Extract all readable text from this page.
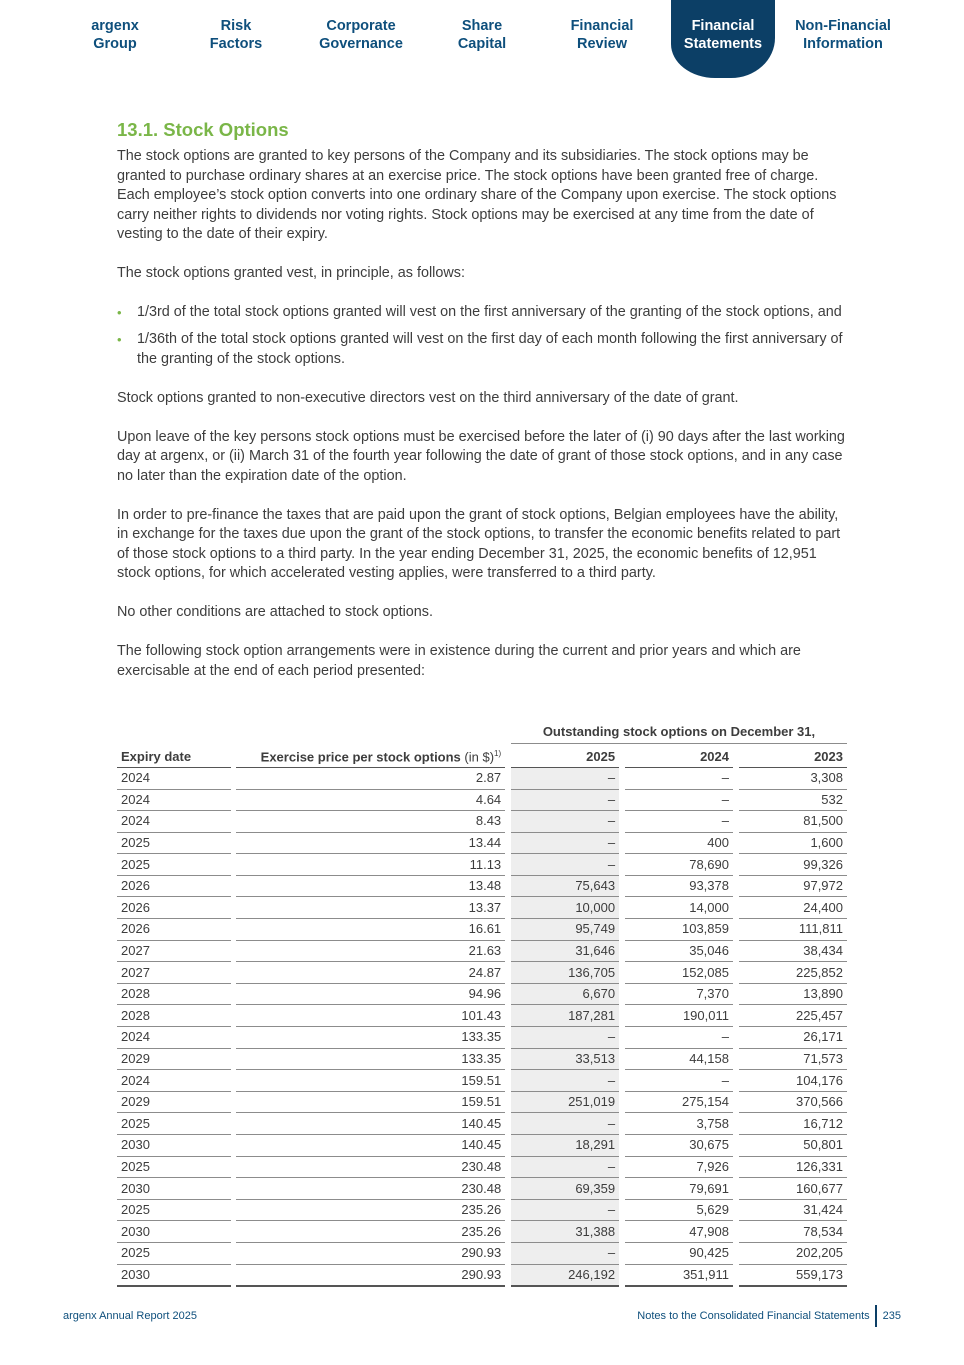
argenx
Group
Risk
Factors
Corporate
Governance
Share
Capital
Financial
Review
Financial
Statements
Non-Financial
Information
13.1. Stock Options

The stock options are granted to key persons of the Company and its subsidiaries. The stock options may be granted to purchase ordinary shares at an exercise price. The stock options have been granted free of charge. Each employee’s stock option converts into one ordinary share of the Company upon exercise. The stock options carry neither rights to dividends nor voting rights. Stock options may be exercised at any time from the date of vesting to the date of their expiry.

The stock options granted vest, in principle, as follows:

• 1/3rd of the total stock options granted will vest on the first anniversary of the granting of the stock options, and
• 1/36th of the total stock options granted will vest on the first day of each month following the first anniversary of the granting of the stock options.

Stock options granted to non-executive directors vest on the third anniversary of the date of grant.

Upon leave of the key persons stock options must be exercised before the later of (i) 90 days after the last working day at argenx, or (ii) March 31 of the fourth year following the date of grant of those stock options, and in any case no later than the expiration date of the option.

In order to pre-finance the taxes that are paid upon the grant of stock options, Belgian employees have the ability, in exchange for the taxes due upon the grant of the stock options, to transfer the economic benefits related to part of those stock options to a third party. In the year ending December 31, 2025, the economic benefits of 12,951 stock options, for which accelerated vesting applies, were transferred to a third party.

No other conditions are attached to stock options.

The following stock option arrangements were in existence during the current and prior years and which are exercisable at the end of each period presented:

				Outstanding stock options on December 31,				
Expiry date		Exercise price per stock options (in $)$^{1)}$		2025		2024		2023
2024		2.87		–		–		3,308
2024		4.64		–		–		532
2024		8.43		–		–		81,500
2025		13.44		–		400		1,600
2025		11.13		–		78,690		99,326
2026		13.48		75,643		93,378		97,972
2026		13.37		10,000		14,000		24,400
2026		16.61		95,749		103,859		111,811
2027		21.63		31,646		35,046		38,434
2027		24.87		136,705		152,085		225,852
2028		94.96		6,670		7,370		13,890
2028		101.43		187,281		190,011		225,457
2024		133.35		–		–		26,171
2029		133.35		33,513		44,158		71,573
2024		159.51		–		–		104,176
2029		159.51		251,019		275,154		370,566
2025		140.45		–		3,758		16,712
2030		140.45		18,291		30,675		50,801
2025		230.48		–		7,926		126,331
2030		230.48		69,359		79,691		160,677
2025		235.26		–		5,629		31,424
2030		235.26		31,388		47,908		78,534
2025		290.93		–		90,425		202,205
2030		290.93		246,192		351,911		559,173
argenx Annual Report 2025	Notes to the Consolidated Financial Statements 235
